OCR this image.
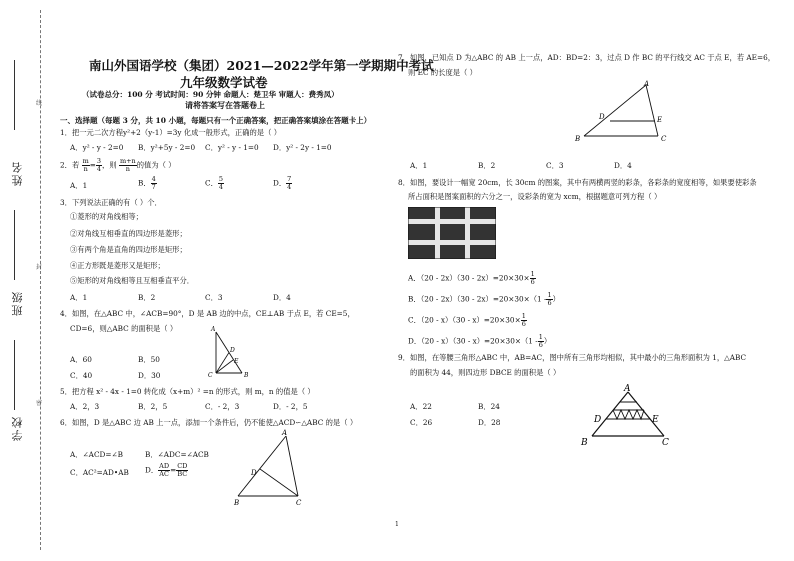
线
封
密
姓名
班级
学校
南山外国语学校（集团）2021—2022学年第一学期期中考试
九年级数学试卷
（试卷总分：100 分 考试时间：90 分钟 命题人：楚卫华 审题人：费秀凤）
请将答案写在答题卷上
一、选择题（每题 3 分，共 10 小题，每题只有一个正确答案，把正确答案填涂在答题卡上）
1．把一元二次方程y²+2（y-1）=3y 化成一般形式，正确的是（ ）
A．y² - y - 2=0 B．y²+5y - 2=0 C．y² - y - 1=0 D．y² - 2y - 1=0
2．若 $\frac{m}{n} = \frac{3}{4}$ ，则 $\frac{m+n}{n}$ 的值为（ ）
A．1	B． $\frac{4}{7}$	C． $\frac{5}{4}$	D． $\frac{7}{4}$
3．下列说法正确的有（ ）个．
①菱形的对角线相等；
②对角线互相垂直的四边形是菱形；
③有两个角是直角的四边形是矩形；
④正方形既是菱形又是矩形；
⑤矩形的对角线相等且互相垂直平分．
A．1	B．2	C．3	D．4
4．如图，在△ABC 中，∠ACB=90°，D 是 AB 边的中点，CE⊥AB 于点 E，若 CE=5，
CD=6，则△ABC 的面积是（ ）
A．60	B．50
C．40	D．30
A
D
E
C	B
5．把方程 x² - 4x - 1=0 转化成（x+m）² =n 的形式，则 m，n 的值是（ ）
A．2，3	B．2，5	C．- 2，3	D．- 2，5
6．如图，D 是△ABC 边 AB 上一点，添加一个条件后，仍不能使△ACD∽△ABC 的是（ ）
A．∠ACD=∠B	B．∠ADC=∠ACB
C．AC²=AD•AB D． $\frac{AD}{AC} = \frac{CD}{BC}$
A
D
B	C
7．如图，已知点 D 为△ABC 的 AB 上一点，AD：BD=2：3，过点 D 作 BC 的平行线交 AC 于点 E，若 AE=6，
则 EC 的长度是（ ）
A
D	E
B	C
A．1	B．2	C．3	D．4
8．如图，要设计一幅宽 20cm，长 30cm 的图案，其中有两横两竖的彩条，各彩条的宽度相等，如果要使彩条
所占面积是图案面积的六分之一，设彩条的宽为 xcm，根据题意可列方程（ ）
A．$(20 - 2x)(30 - 2x)=20\times 30\times \frac{1}{6}$
B．$(20 - 2x)(30 - 2x)=20\times 30\times(1 - \frac{1}{6}$ ）
C．$(20 - x)(30 - x)=20\times 30\times \frac{1}{6}$
D．$(20 - x)(30 - x)=20\times 30\times(1 - \frac{1}{6}$ ）
9．如图，在等腰三角形△ABC 中，AB=AC，图中所有三角形均相似，其中最小的三角形面积为 1，△ABC
的面积为 44，则四边形 DBCE 的面积是（ ）
A．22	B．24
C．26	D．28
A
D	E
B	C
1
